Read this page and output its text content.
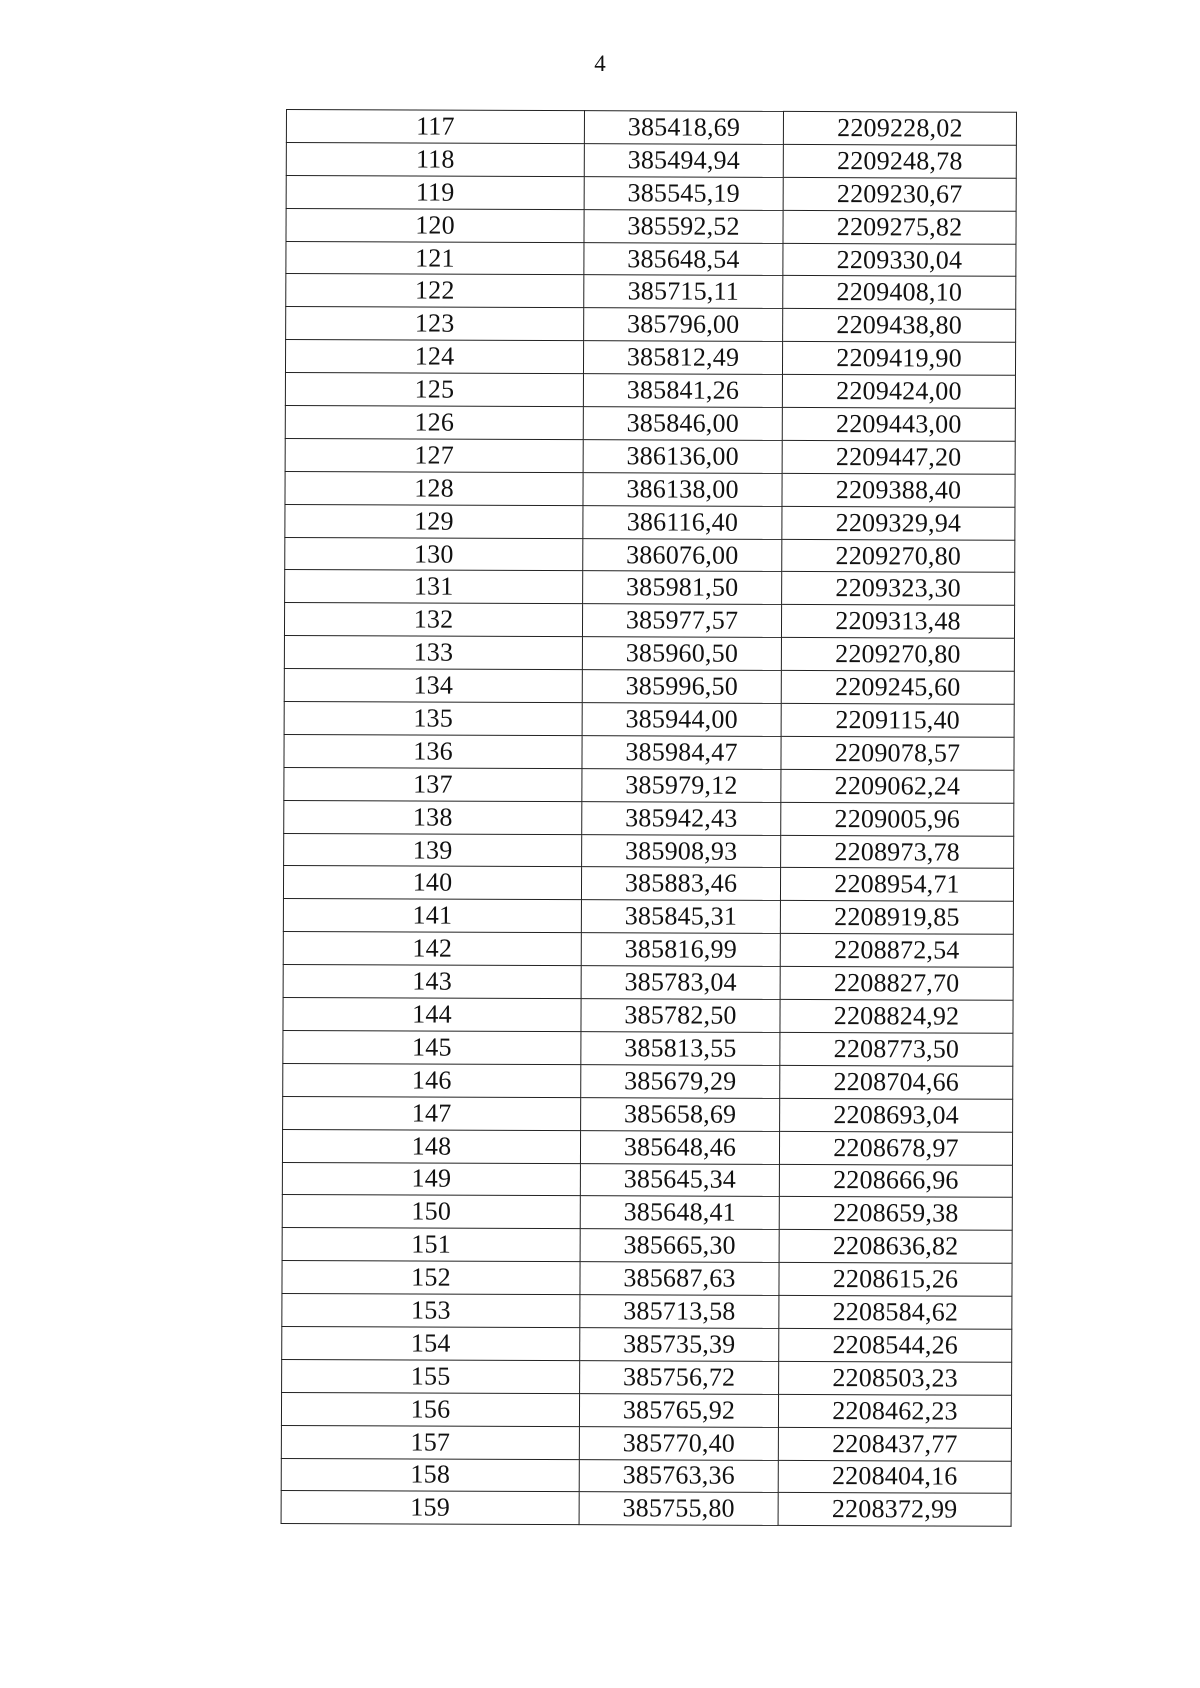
4
117	385418,69	2209228,02
118	385494,94	2209248,78
119	385545,19	2209230,67
120	385592,52	2209275,82
121	385648,54	2209330,04
122	385715,11	2209408,10
123	385796,00	2209438,80
124	385812,49	2209419,90
125	385841,26	2209424,00
126	385846,00	2209443,00
127	386136,00	2209447,20
128	386138,00	2209388,40
129	386116,40	2209329,94
130	386076,00	2209270,80
131	385981,50	2209323,30
132	385977,57	2209313,48
133	385960,50	2209270,80
134	385996,50	2209245,60
135	385944,00	2209115,40
136	385984,47	2209078,57
137	385979,12	2209062,24
138	385942,43	2209005,96
139	385908,93	2208973,78
140	385883,46	2208954,71
141	385845,31	2208919,85
142	385816,99	2208872,54
143	385783,04	2208827,70
144	385782,50	2208824,92
145	385813,55	2208773,50
146	385679,29	2208704,66
147	385658,69	2208693,04
148	385648,46	2208678,97
149	385645,34	2208666,96
150	385648,41	2208659,38
151	385665,30	2208636,82
152	385687,63	2208615,26
153	385713,58	2208584,62
154	385735,39	2208544,26
155	385756,72	2208503,23
156	385765,92	2208462,23
157	385770,40	2208437,77
158	385763,36	2208404,16
159	385755,80	2208372,99
